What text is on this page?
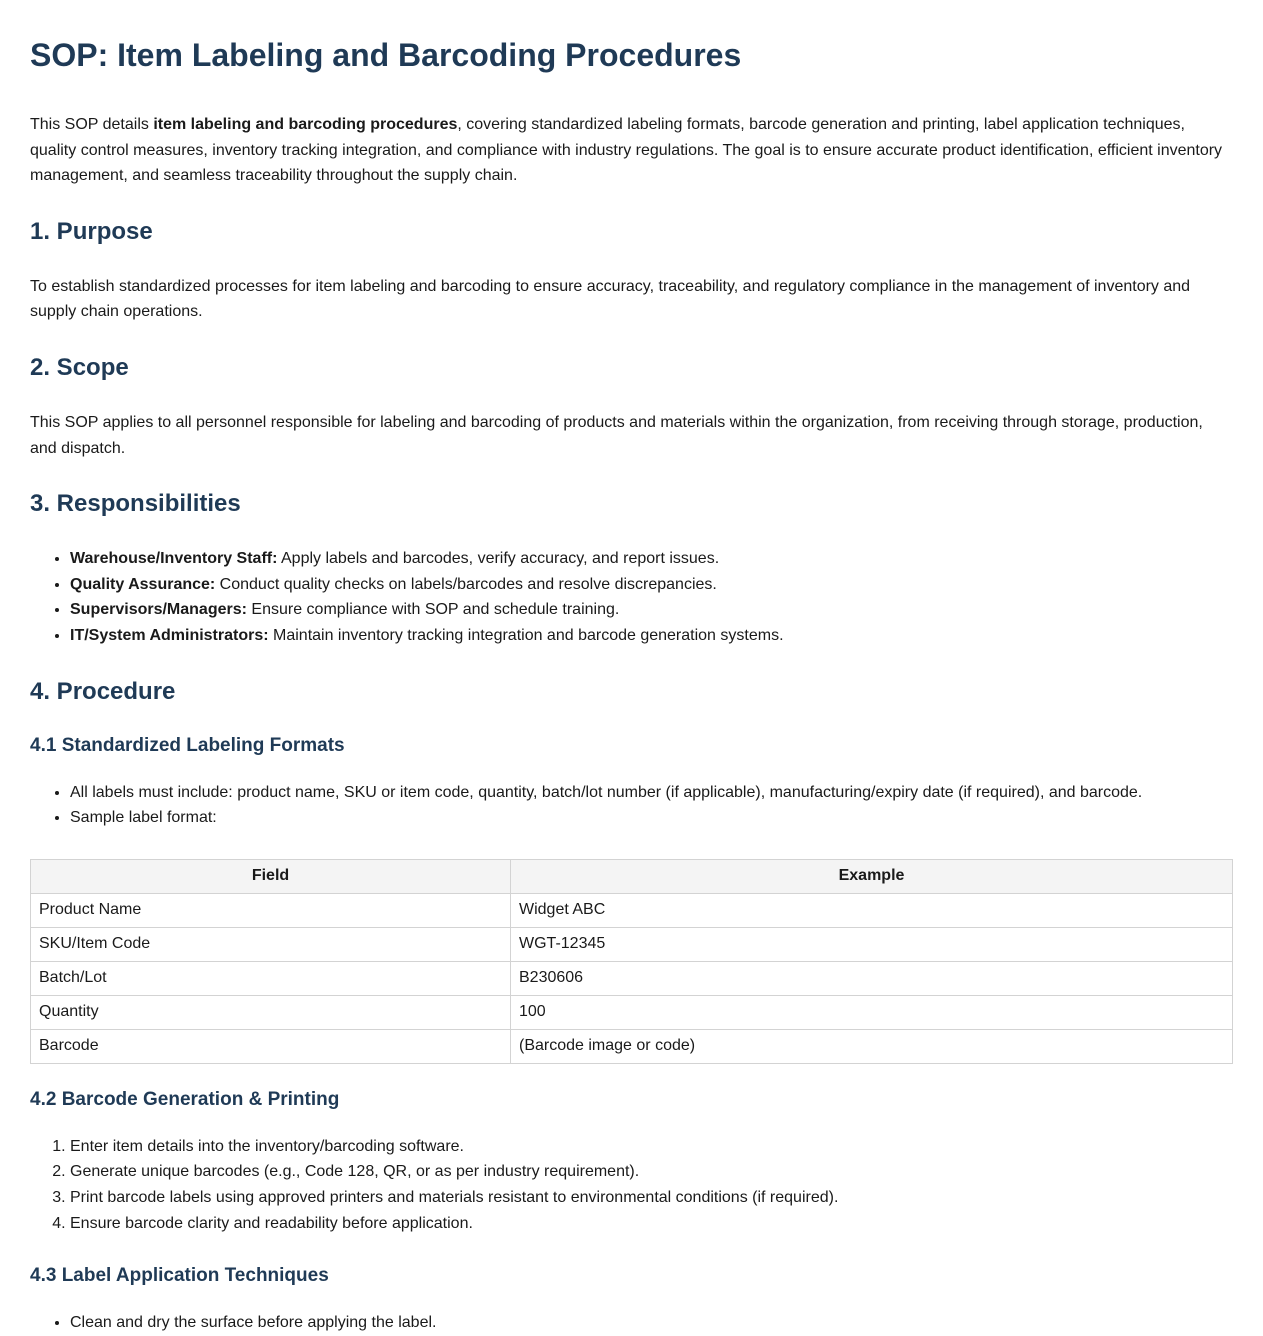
SOP: Item Labeling and Barcoding Procedures

This SOP details item labeling and barcoding procedures, covering standardized labeling formats, barcode generation and printing, label application techniques, quality control measures, inventory tracking integration, and compliance with industry regulations. The goal is to ensure accurate product identification, efficient inventory management, and seamless traceability throughout the supply chain.

1. Purpose

To establish standardized processes for item labeling and barcoding to ensure accuracy, traceability, and regulatory compliance in the management of inventory and supply chain operations.

2. Scope

This SOP applies to all personnel responsible for labeling and barcoding of products and materials within the organization, from receiving through storage, production, and dispatch.

3. Responsibilities
• Warehouse/Inventory Staff: Apply labels and barcodes, verify accuracy, and report issues.
• Quality Assurance: Conduct quality checks on labels/barcodes and resolve discrepancies.
• Supervisors/Managers: Ensure compliance with SOP and schedule training.
• IT/System Administrators: Maintain inventory tracking integration and barcode generation systems.
4. Procedure
4.1 Standardized Labeling Formats
• All labels must include: product name, SKU or item code, quantity, batch/lot number (if applicable), manufacturing/expiry date (if required), and barcode.
• Sample label format:
Field	Example
Product Name	Widget ABC
SKU/Item Code	WGT-12345
Batch/Lot	B230606
Quantity	100
Barcode	(Barcode image or code)
4.2 Barcode Generation & Printing
1. Enter item details into the inventory/barcoding software.
2. Generate unique barcodes (e.g., Code 128, QR, or as per industry requirement).
3. Print barcode labels using approved printers and materials resistant to environmental conditions (if required).
4. Ensure barcode clarity and readability before application.
4.3 Label Application Techniques
• Clean and dry the surface before applying the label.
